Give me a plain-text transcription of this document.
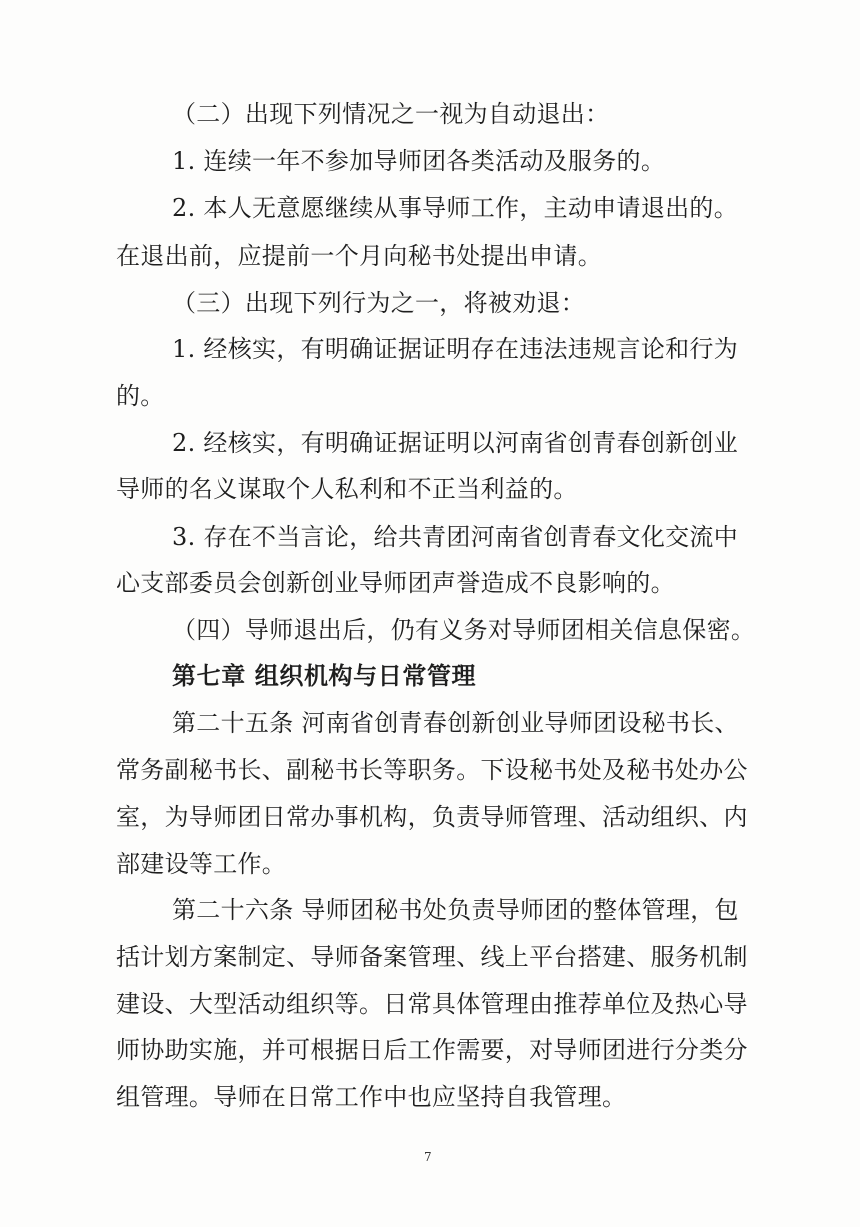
（二）出现下列情况之一视为自动退出：
1. 连续一年不参加导师团各类活动及服务的。
2. 本人无意愿继续从事导师工作，主动申请退出的。
在退出前，应提前一个月向秘书处提出申请。
（三）出现下列行为之一，将被劝退：
1. 经核实，有明确证据证明存在违法违规言论和行为
的。
2. 经核实，有明确证据证明以河南省创青春创新创业
导师的名义谋取个人私利和不正当利益的。
3. 存在不当言论，给共青团河南省创青春文化交流中
心支部委员会创新创业导师团声誉造成不良影响的。
（四）导师退出后，仍有义务对导师团相关信息保密。
第七章 组织机构与日常管理
第二十五条 河南省创青春创新创业导师团设秘书长、
常务副秘书长、副秘书长等职务。下设秘书处及秘书处办公
室，为导师团日常办事机构，负责导师管理、活动组织、内
部建设等工作。
第二十六条 导师团秘书处负责导师团的整体管理，包
括计划方案制定、导师备案管理、线上平台搭建、服务机制
建设、大型活动组织等。日常具体管理由推荐单位及热心导
师协助实施，并可根据日后工作需要，对导师团进行分类分
组管理。导师在日常工作中也应坚持自我管理。
7
